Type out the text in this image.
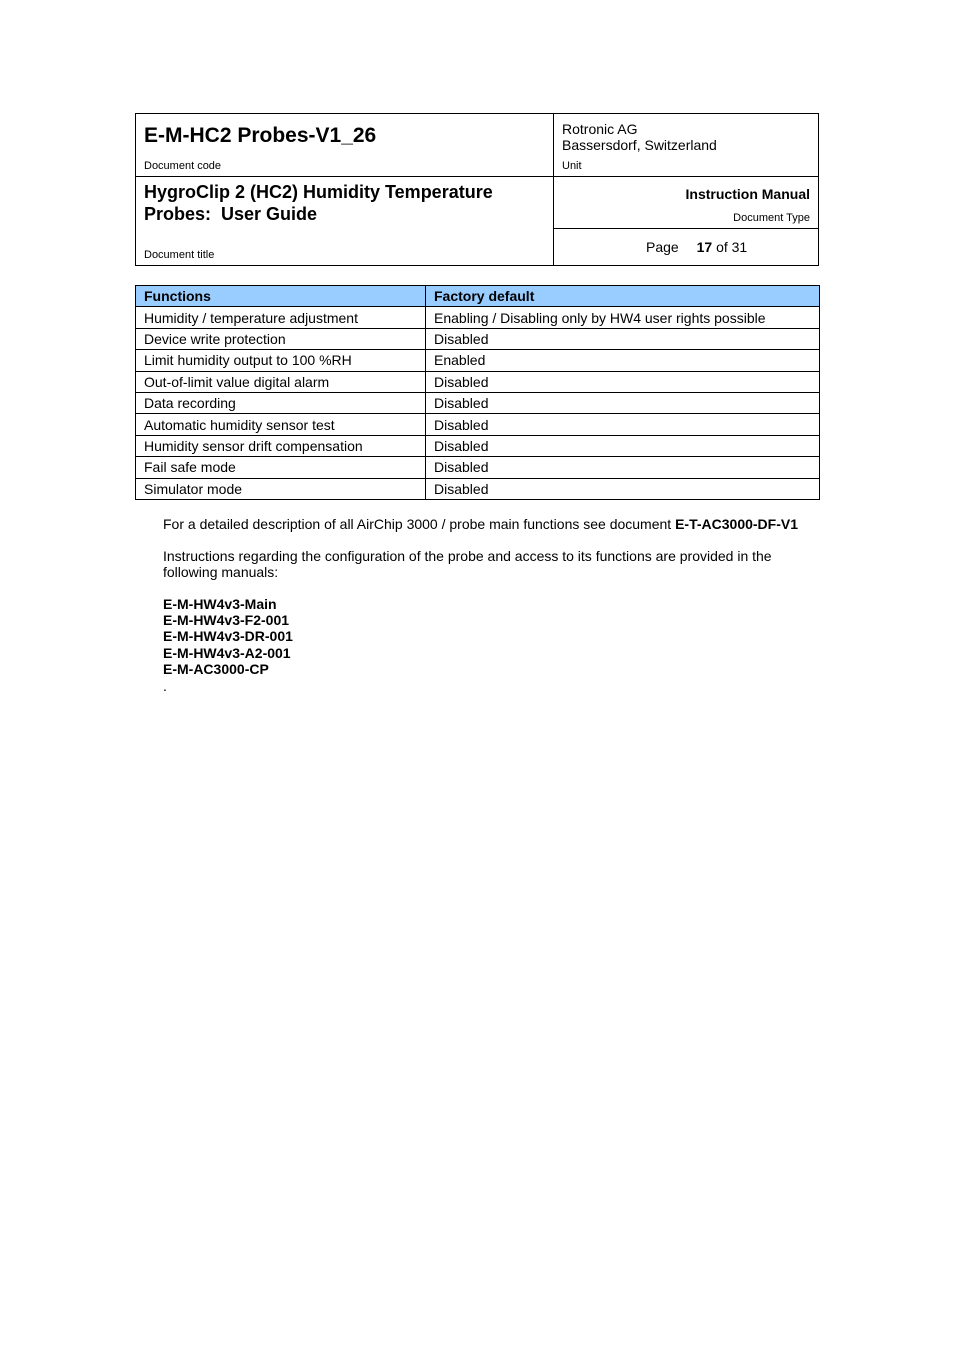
E-M-HC2 Probes-V1_26
Document code
Rotronic AG
Bassersdorf, Switzerland
Unit
HygroClip 2 (HC2) Humidity Temperature
Probes:  User Guide
Document title
Instruction Manual
Document Type
Page 17 of 31
Functions	Factory default
Humidity / temperature adjustment	Enabling / Disabling only by HW4 user rights possible
Device write protection	Disabled
Limit humidity output to 100 %RH	Enabled
Out-of-limit value digital alarm	Disabled
Data recording	Disabled
Automatic humidity sensor test	Disabled
Humidity sensor drift compensation	Disabled
Fail safe mode	Disabled
Simulator mode	Disabled
For a detailed description of all AirChip 3000 / probe main functions see document E-T-AC3000-DF-V1
Instructions regarding the configuration of the probe and access to its functions are provided in the following manuals:
E-M-HW4v3-Main
E-M-HW4v3-F2-001
E-M-HW4v3-DR-001
E-M-HW4v3-A2-001
E-M-AC3000-CP
.
